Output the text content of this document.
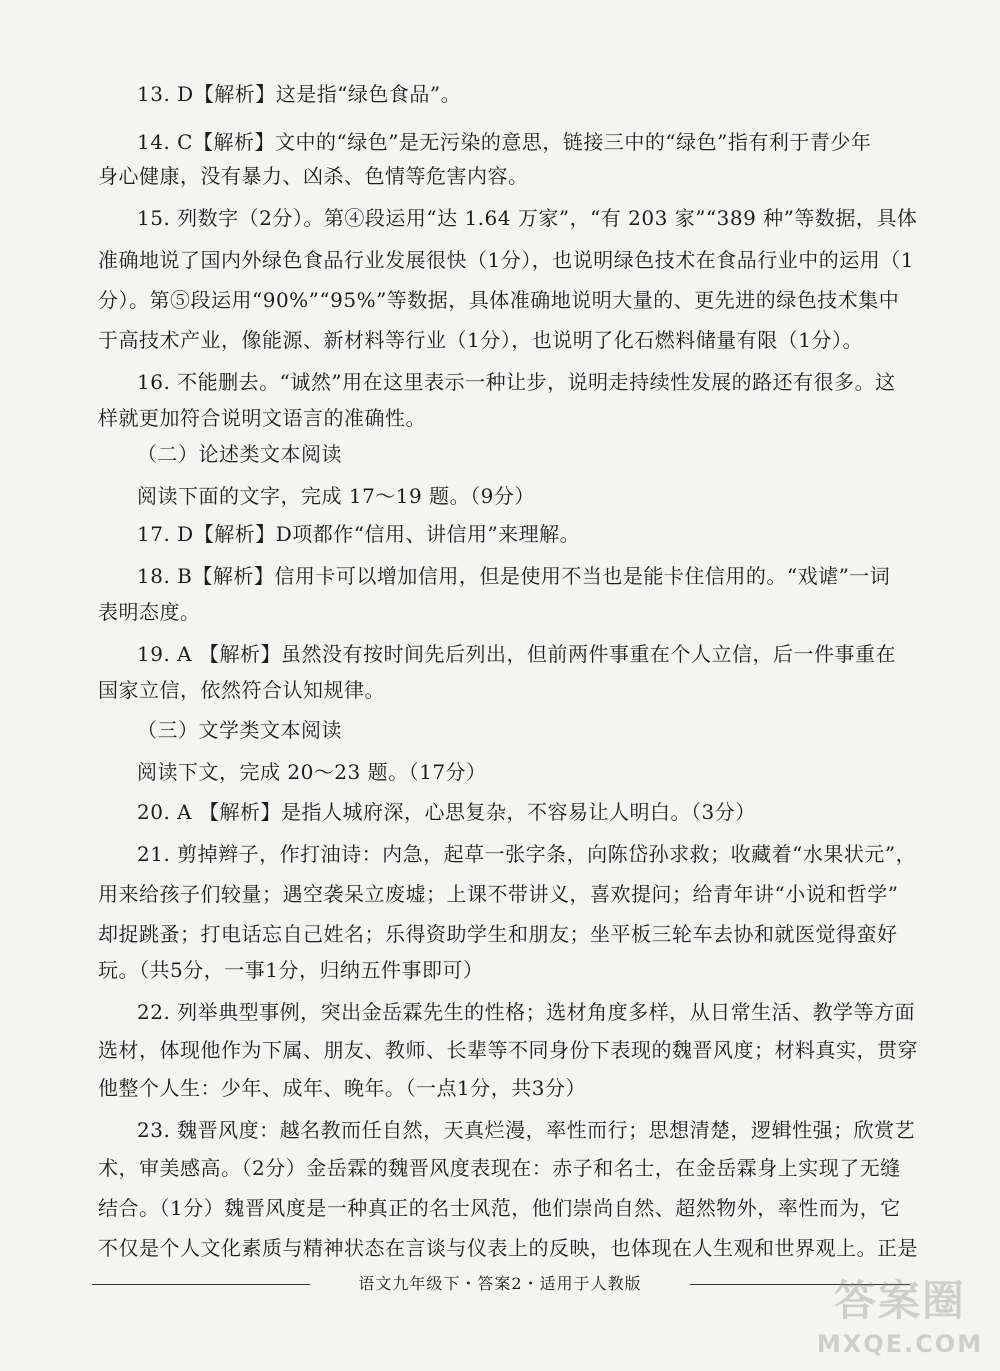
13. D【解析】这是指“绿色食品”。
14. C【解析】文中的“绿色”是无污染的意思，链接三中的“绿色”指有利于青少年
身心健康，没有暴力、凶杀、色情等危害内容。
15. 列数字（2分）。第④段运用“达 1.64 万家”，“有 203 家”“389 种”等数据，具体
准确地说了国内外绿色食品行业发展很快（1分），也说明绿色技术在食品行业中的运用（1
分）。第⑤段运用“90%”“95%”等数据，具体准确地说明大量的、更先进的绿色技术集中
于高技术产业，像能源、新材料等行业（1分），也说明了化石燃料储量有限（1分）。
16. 不能删去。“诚然”用在这里表示一种让步，说明走持续性发展的路还有很多。这
样就更加符合说明文语言的准确性。
（二）论述类文本阅读
阅读下面的文字，完成 17～19 题。（9分）
17. D【解析】D项都作“信用、讲信用”来理解。
18. B【解析】信用卡可以增加信用，但是使用不当也是能卡住信用的。“戏谑”一词
表明态度。
19. A 【解析】虽然没有按时间先后列出，但前两件事重在个人立信，后一件事重在
国家立信，依然符合认知规律。
（三）文学类文本阅读
阅读下文，完成 20～23 题。（17分）
20. A 【解析】是指人城府深，心思复杂，不容易让人明白。（3分）
21. 剪掉辫子，作打油诗：内急，起草一张字条，向陈岱孙求救；收藏着“水果状元”，
用来给孩子们较量；遇空袭呆立废墟；上课不带讲义，喜欢提问；给青年讲“小说和哲学”
却捉跳蚤；打电话忘自己姓名；乐得资助学生和朋友；坐平板三轮车去协和就医觉得蛮好
玩。（共5分，一事1分，归纳五件事即可）
22. 列举典型事例，突出金岳霖先生的性格；选材角度多样，从日常生活、教学等方面
选材，体现他作为下属、朋友、教师、长辈等不同身份下表现的魏晋风度；材料真实，贯穿
他整个人生：少年、成年、晚年。（一点1分，共3分）
23. 魏晋风度：越名教而任自然，天真烂漫，率性而行；思想清楚，逻辑性强；欣赏艺
术，审美感高。（2分）金岳霖的魏晋风度表现在：赤子和名士，在金岳霖身上实现了无缝
结合。（1分）魏晋风度是一种真正的名士风范，他们崇尚自然、超然物外，率性而为，它
不仅是个人文化素质与精神状态在言谈与仪表上的反映，也体现在人生观和世界观上。正是
语文九年级下・答案2・适用于人教版	答案圈
MXQE.COM
